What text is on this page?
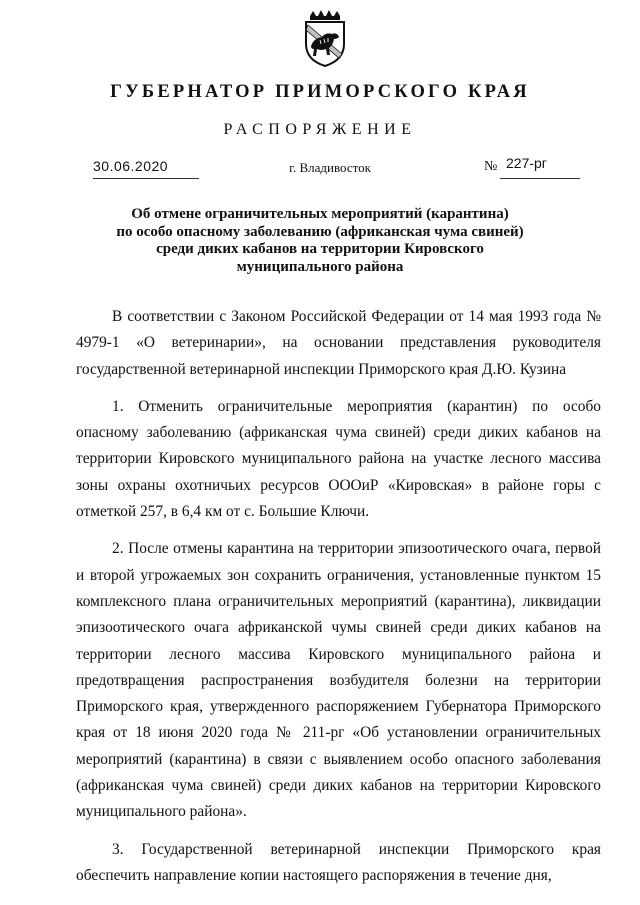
ГУБЕРНАТОР ПРИМОРСКОГО КРАЯ
РАСПОРЯЖЕНИЕ
30.06.2020	г. Владивосток	№ 227-рг
Об отмене ограничительных мероприятий (карантина)
по особо опасному заболеванию (африканская чума свиней)
среди диких кабанов на территории Кировского
муниципального района

В соответствии с Законом Российской Федерации от 14 мая 1993 года № 4979-1 «О ветеринарии», на основании представления руководителя государственной ветеринарной инспекции Приморского края Д.Ю. Кузина

1. Отменить ограничительные мероприятия (карантин) по особо опасному заболеванию (африканская чума свиней) среди диких кабанов на территории Кировского муниципального района на участке лесного массива зоны охраны охотничьих ресурсов ОООиР «Кировская» в районе горы с отметкой 257, в 6,4 км от с. Большие Ключи.

2. После отмены карантина на территории эпизоотического очага, первой и второй угрожаемых зон сохранить ограничения, установленные пунктом 15 комплексного плана ограничительных мероприятий (карантина), ликвидации эпизоотического очага африканской чумы свиней среди диких кабанов на территории лесного массива Кировского муниципального района и предотвращения распространения возбудителя болезни на территории Приморского края, утвержденного распоряжением Губернатора Приморского края от 18 июня 2020 года № 211-рг «Об установлении ограничительных мероприятий (карантина) в связи с выявлением особо опасного заболевания (африканская чума свиней) среди диких кабанов на территории Кировского муниципального района».

3. Государственной ветеринарной инспекции Приморского края обеспечить направление копии настоящего распоряжения в течение дня,
